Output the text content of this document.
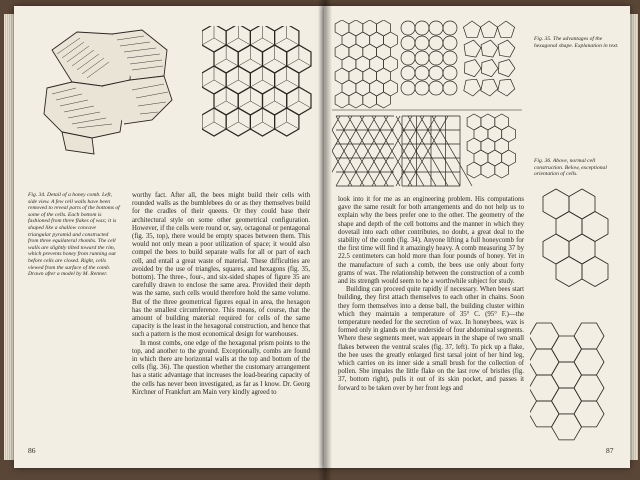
Fig. 34. Detail of a honey comb. Left, side view. A few cell walls have been removed to reveal parts of the bottoms of some of the cells. Each bottom is fashioned from three flakes of wax; it is shaped like a shallow concave triangular pyramid and constructed from three equilateral rhombs. The cell walls are slightly tilted toward the rim, which prevents honey from running out before cells are closed. Right, cells viewed from the surface of the comb. Drawn after a model by M. Renner.

worthy fact. After all, the bees might build their cells with rounded walls as the bumblebees do or as they themselves build for the cradles of their queens. Or they could base their architectural style on some other geometrical configuration. However, if the cells were round or, say, octagonal or pentagonal (fig. 35, top), there would be empty spaces between them. This would not only mean a poor utilization of space; it would also compel the bees to build separate walls for all or part of each cell, and entail a great waste of material. These difficulties are avoided by the use of triangles, squares, and hexagons (fig. 35, bottom). The three-, four-, and six-sided shapes of figure 35 are carefully drawn to enclose the same area. Provided their depth was the same, such cells would therefore hold the same volume. But of the three geometrical figures equal in area, the hexagon has the smallest circumference. This means, of course, that the amount of building material required for cells of the same capacity is the least in the hexagonal construction, and hence that such a pattern is the most economical design for warehouses.

In most combs, one edge of the hexagonal prism points to the top, and another to the ground. Exceptionally, combs are found in which there are horizontal walls at the top and bottom of the cells (fig. 36). The question whether the customary arrangement has a static advantage that increases the load-bearing capacity of the cells has never been investigated, as far as I know. Dr. Georg Kirchner of Frankfurt am Main very kindly agreed to

86

Fig. 35. The advantages of the hexagonal shape. Explanation in text.

Fig. 36. Above, normal cell construction. Below, exceptional orientation of cells.

look into it for me as an engineering problem. His computations gave the same result for both arrangements and do not help us to explain why the bees prefer one to the other. The geometry of the shape and depth of the cell bottoms and the manner in which they dovetail into each other contributes, no doubt, a great deal to the stability of the comb (fig. 34). Anyone lifting a full honeycomb for the first time will find it amazingly heavy. A comb measuring 37 by 22.5 centimeters can hold more than four pounds of honey. Yet in the manufacture of such a comb, the bees use only about forty grams of wax. The relationship between the construction of a comb and its strength would seem to be a worthwhile subject for study.

Building can proceed quite rapidly if necessary. When bees start building, they first attach themselves to each other in chains. Soon they form themselves into a dense ball, the building cluster within which they maintain a temperature of 35° C. (95° F.)—the temperature needed for the secretion of wax. In honeybees, wax is formed only in glands on the underside of four abdominal segments. Where these segments meet, wax appears in the shape of two small flakes between the ventral scales (fig. 37, left). To pick up a flake, the bee uses the greatly enlarged first tarsal joint of her hind leg, which carries on its inner side a small brush for the collection of pollen. She impales the little flake on the last row of bristles (fig. 37, bottom right), pulls it out of its skin pocket, and passes it forward to be taken over by her front legs and

87
